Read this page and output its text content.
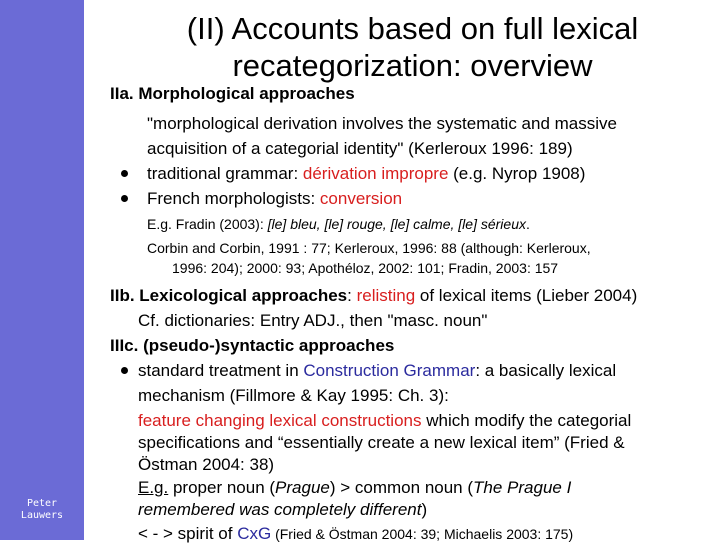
Peter
Lauwers
(II) Accounts based on full lexical
recategorization: overview
IIa. Morphological approaches
"morphological derivation involves the systematic and massive
acquisition of a categorial identity" (Kerleroux 1996: 189)
traditional grammar: dérivation impropre (e.g. Nyrop 1908)
French morphologists: conversion
E.g. Fradin (2003): [le] bleu, [le] rouge, [le] calme, [le] sérieux.
Corbin and Corbin, 1991 : 77; Kerleroux, 1996: 88 (although: Kerleroux,
1996: 204); 2000: 93; Apothéloz, 2002: 101; Fradin, 2003: 157
IIb. Lexicological approaches: relisting of lexical items (Lieber 2004)
Cf. dictionaries: Entry ADJ., then "masc. noun"
IIIc. (pseudo-)syntactic approaches
standard treatment in Construction Grammar: a basically lexical
mechanism (Fillmore & Kay 1995: Ch. 3):
feature changing lexical constructions which modify the categorial
specifications and “essentially create a new lexical item” (Fried &
Östman 2004: 38)
E.g. proper noun (Prague) > common noun (The Prague I
remembered was completely different)
< - > spirit of CxG (Fried & Östman 2004: 39; Michaelis 2003: 175)
